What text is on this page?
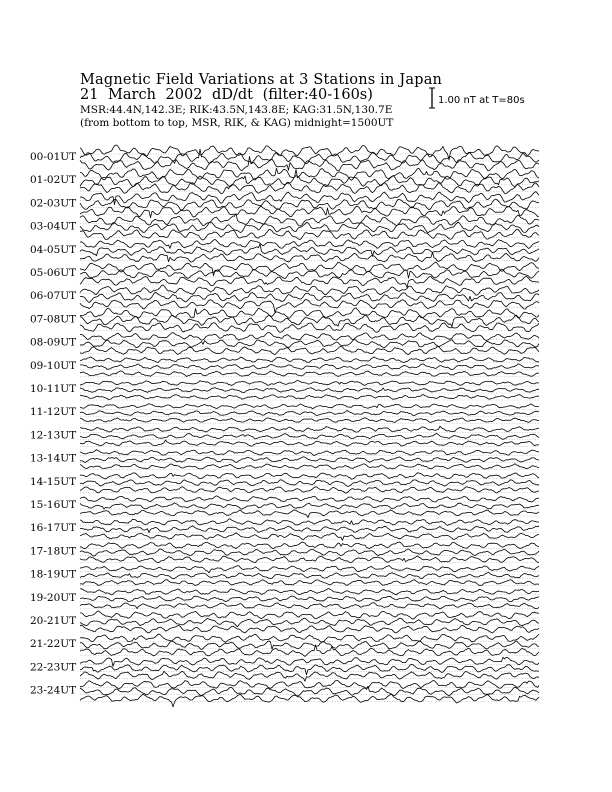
Magnetic Field Variations at 3 Stations in Japan
21 March 2002 dD/dt (filter:40-160s)
MSR:44.4N,142.3E; RIK:43.5N,143.8E; KAG:31.5N,130.7E
(from bottom to top, MSR, RIK, & KAG) midnight=1500UT
1.00 nT at T=80s
00-01UT
01-02UT
02-03UT
03-04UT
04-05UT
05-06UT
06-07UT
07-08UT
08-09UT
09-10UT
10-11UT
11-12UT
12-13UT
13-14UT
14-15UT
15-16UT
16-17UT
17-18UT
18-19UT
19-20UT
20-21UT
21-22UT
22-23UT
23-24UT
